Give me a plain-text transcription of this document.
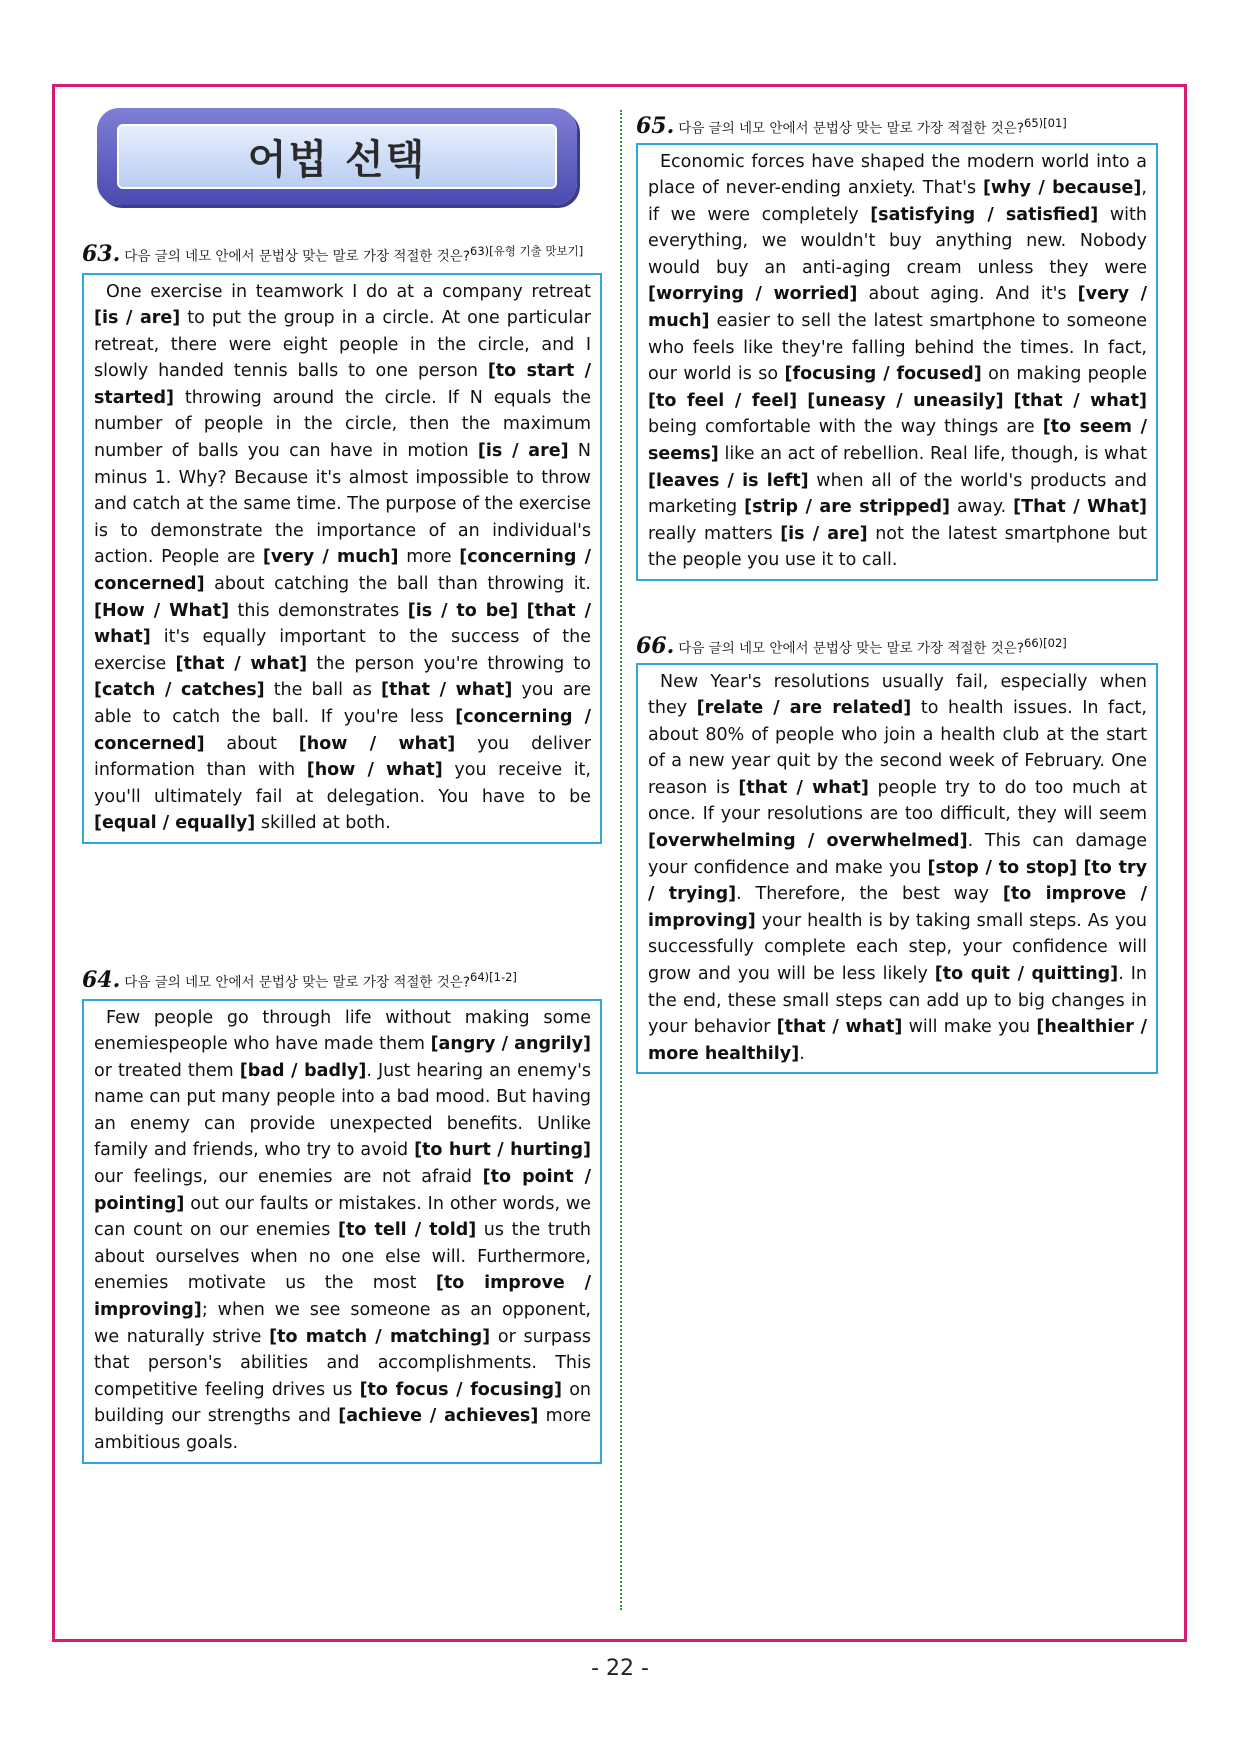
어법 선택
63. 다음 글의 네모 안에서 문법상 맞는 말로 가장 적절한 것은?$^{63)[유형 기출 맛보기]}$
One exercise in teamwork I do at a company retreat [is / are] to put the group in a circle. At one particular retreat, there were eight people in the circle, and I slowly handed tennis balls to one person [to start / started] throwing around the circle. If N equals the number of people in the circle, then the maximum number of balls you can have in motion [is / are] N minus 1. Why? Because it's almost impossible to throw and catch at the same time. The purpose of the exercise is to demonstrate the importance of an individual's action. People are [very / much] more [concerning / concerned] about catching the ball than throwing it. [How / What] this demonstrates [is / to be] [that / what] it's equally important to the success of the exercise [that / what] the person you're throwing to [catch / catches] the ball as [that / what] you are able to catch the ball. If you're less [concerning / concerned] about [how / what] you deliver information than with [how / what] you receive it, you'll ultimately fail at delegation. You have to be [equal / equally] skilled at both.
64. 다음 글의 네모 안에서 문법상 맞는 말로 가장 적절한 것은?$^{64)[1-2]}$
Few people go through life without making some enemiespeople who have made them [angry / angrily] or treated them [bad / badly]. Just hearing an enemy's name can put many people into a bad mood. But having an enemy can provide unexpected benefits. Unlike family and friends, who try to avoid [to hurt / hurting] our feelings, our enemies are not afraid [to point / pointing] out our faults or mistakes. In other words, we can count on our enemies [to tell / told] us the truth about ourselves when no one else will. Furthermore, enemies motivate us the most [to improve / improving]; when we see someone as an opponent, we naturally strive [to match / matching] or surpass that person's abilities and accomplishments. This competitive feeling drives us [to focus / focusing] on building our strengths and [achieve / achieves] more ambitious goals.
65. 다음 글의 네모 안에서 문법상 맞는 말로 가장 적절한 것은?$^{65)[01]}$
Economic forces have shaped the modern world into a place of never-ending anxiety. That's [why / because], if we were completely [satisfying / satisfied] with everything, we wouldn't buy anything new. Nobody would buy an anti-aging cream unless they were [worrying / worried] about aging. And it's [very / much] easier to sell the latest smartphone to someone who feels like they're falling behind the times. In fact, our world is so [focusing / focused] on making people [to feel / feel] [uneasy / uneasily] [that / what] being comfortable with the way things are [to seem / seems] like an act of rebellion. Real life, though, is what [leaves / is left] when all of the world's products and marketing [strip / are stripped] away. [That / What] really matters [is / are] not the latest smartphone but the people you use it to call.
66. 다음 글의 네모 안에서 문법상 맞는 말로 가장 적절한 것은?$^{66)[02]}$
New Year's resolutions usually fail, especially when they [relate / are related] to health issues. In fact, about 80% of people who join a health club at the start of a new year quit by the second week of February. One reason is [that / what] people try to do too much at once. If your resolutions are too difficult, they will seem [overwhelming / overwhelmed]. This can damage your confidence and make you [stop / to stop] [to try / trying]. Therefore, the best way [to improve / improving] your health is by taking small steps. As you successfully complete each step, your confidence will grow and you will be less likely [to quit / quitting]. In the end, these small steps can add up to big changes in your behavior [that / what] will make you [healthier / more healthily].
- 22 -
